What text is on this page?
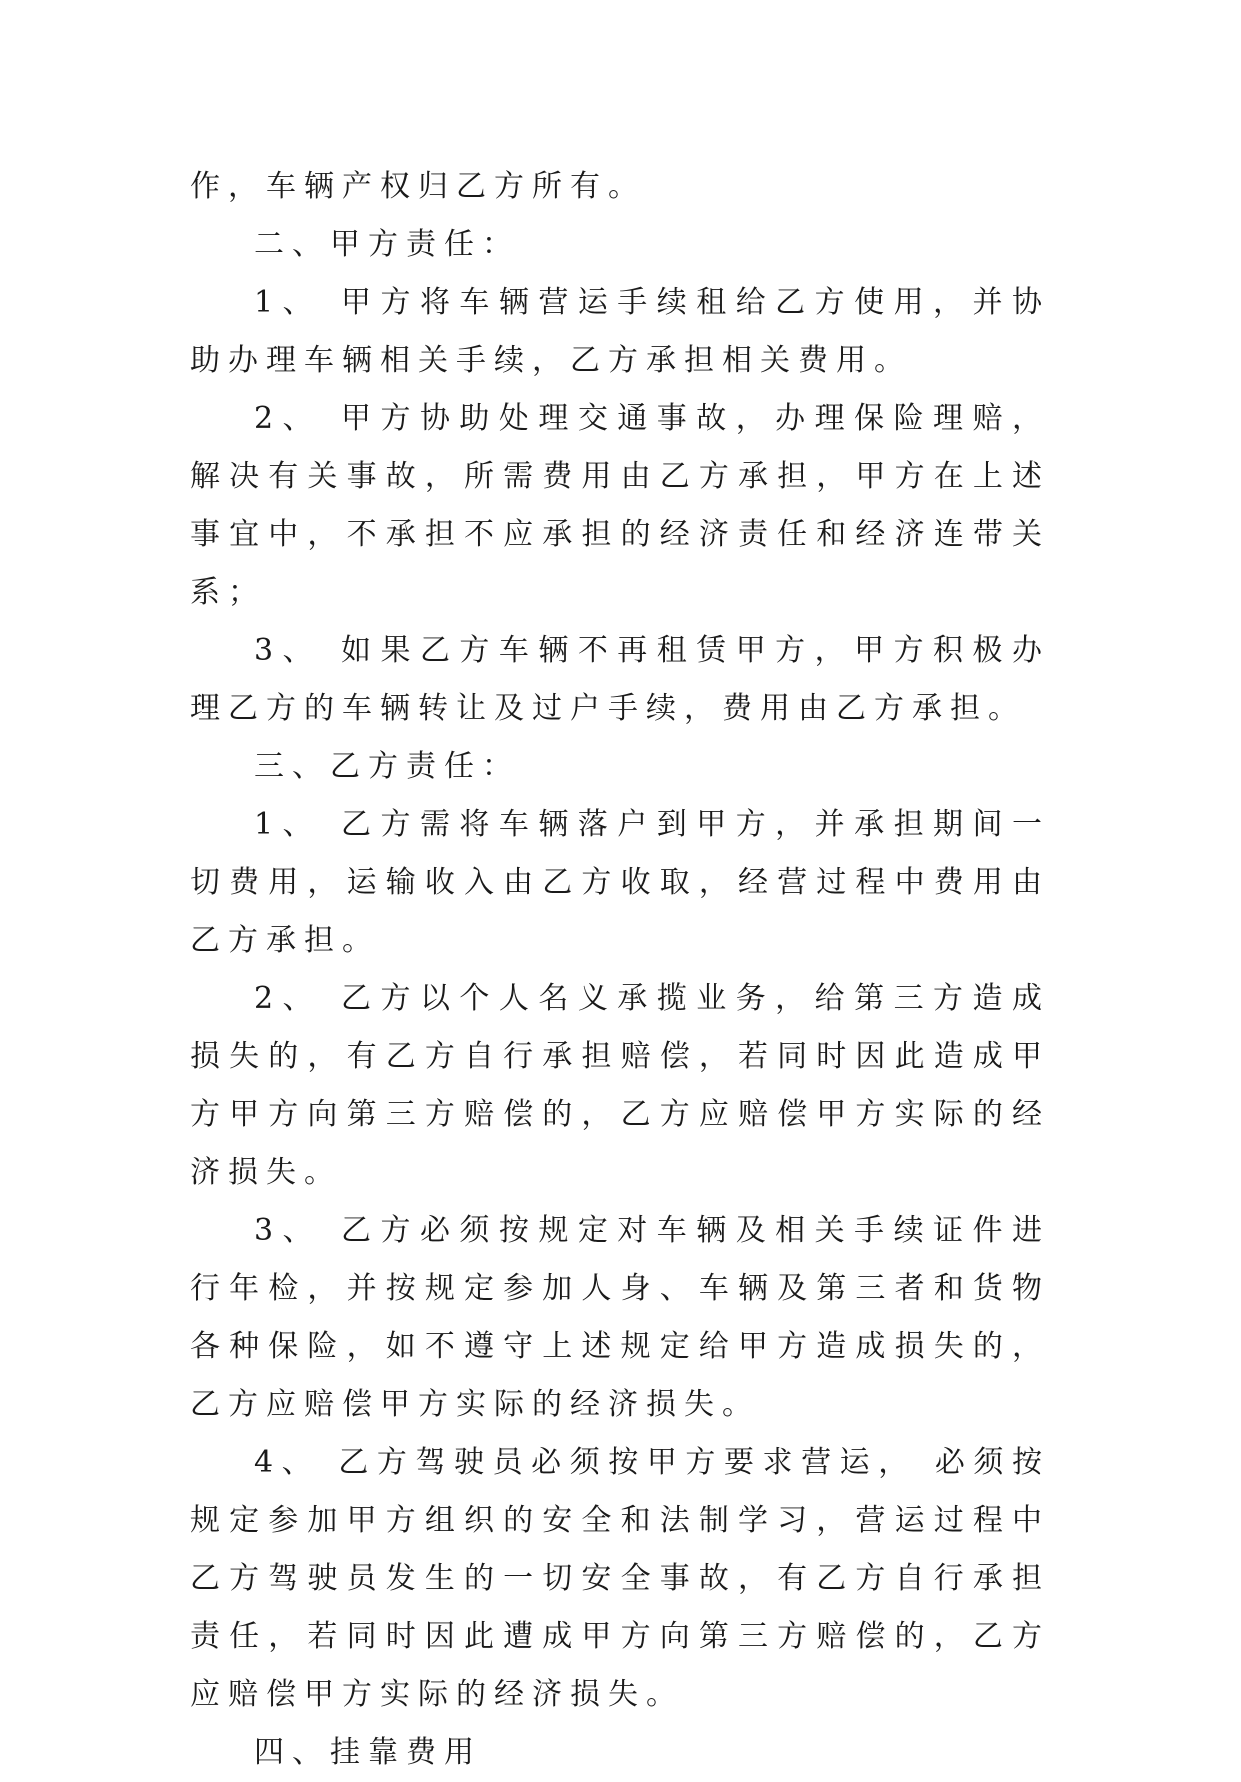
作，车辆产权归乙方所有。

二、甲方责任：

1、 甲方将车辆营运手续租给乙方使用，并协助办理车辆相关手续，乙方承担相关费用。

2、 甲方协助处理交通事故，办理保险理赔，解决有关事故，所需费用由乙方承担，甲方在上述事宜中，不承担不应承担的经济责任和经济连带关系；

3、 如果乙方车辆不再租赁甲方，甲方积极办理乙方的车辆转让及过户手续，费用由乙方承担。

三、乙方责任：

1、 乙方需将车辆落户到甲方，并承担期间一切费用，运输收入由乙方收取，经营过程中费用由乙方承担。

2、 乙方以个人名义承揽业务，给第三方造成损失的，有乙方自行承担赔偿，若同时因此造成甲方甲方向第三方赔偿的，乙方应赔偿甲方实际的经济损失。

3、 乙方必须按规定对车辆及相关手续证件进行年检，并按规定参加人身、车辆及第三者和货物各种保险，如不遵守上述规定给甲方造成损失的，乙方应赔偿甲方实际的经济损失。

4、 乙方驾驶员必须按甲方要求营运， 必须按规定参加甲方组织的安全和法制学习，营运过程中乙方驾驶员发生的一切安全事故，有乙方自行承担责任，若同时因此遭成甲方向第三方赔偿的，乙方应赔偿甲方实际的经济损失。

四、挂靠费用
